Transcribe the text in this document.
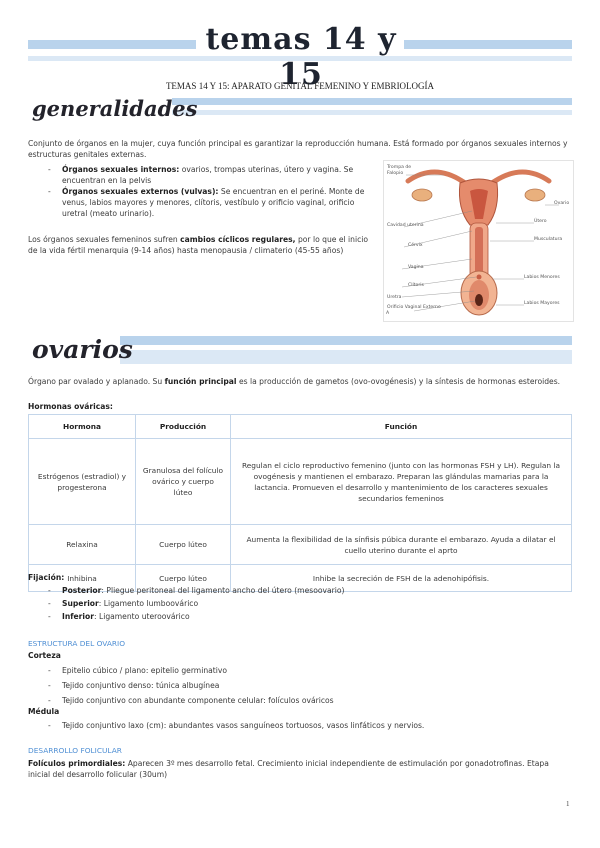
temas 14 y 15
TEMAS 14 Y 15: APARATO GENITAL FEMENINO Y EMBRIOLOGÍA
generalidades
Conjunto de órganos en la mujer, cuya función principal es garantizar la reproducción humana. Está formado por órganos sexuales internos y estructuras genitales externas.
- Órganos sexuales internos: ovarios, trompas uterinas, útero y vagina. Se encuentran en la pelvis
- Órganos sexuales externos (vulvas): Se encuentran en el periné. Monte de venus, labios mayores y menores, clítoris, vestíbulo y orificio vaginal, orificio uretral (meato urinario).
Los órganos sexuales femeninos sufren cambios cíclicos regulares, por lo que el inicio de la vida fértil menarquia (9-14 años) hasta menopausia / climaterio (45-55 años)
Trompa de Falopio
Cavidad uterina
Cérvix
Vagina
Clítoris
Uretra
Orificio Vaginal Externo
Ovario
Útero
Musculatura
Labios Menores
Labios Mayores
A
ovarios
Órgano par ovalado y aplanado. Su función principal es la producción de gametos (ovo-ovogénesis) y la síntesis de hormonas esteroides.
Hormonas ováricas:
Hormona	Producción	Función
Estrógenos (estradiol) y progesterona	Granulosa del folículo ovárico y cuerpo lúteo	Regulan el ciclo reproductivo femenino (junto con las hormonas FSH y LH). Regulan la ovogénesis y mantienen el embarazo. Preparan las glándulas mamarias para la lactancia. Promueven el desarrollo y mantenimiento de los caracteres sexuales secundarios femeninos
Relaxina	Cuerpo lúteo	Aumenta la flexibilidad de la sínfisis púbica durante el embarazo. Ayuda a dilatar el cuello uterino durante el aprto
Inhibina	Cuerpo lúteo	Inhibe la secreción de FSH de la adenohipófisis.
Fijación:
- Posterior: Pliegue peritoneal del ligamento ancho del útero (mesoovario)
- Superior: Ligamento lumboovárico
- Inferior: Ligamento uteroovárico
ESTRUCTURA DEL OVARIO
Corteza
- Epitelio cúbico / plano: epitelio germinativo
- Tejido conjuntivo denso: túnica albugínea
- Tejido conjuntivo con abundante componente celular: folículos ováricos
Médula
- Tejido conjuntivo laxo (cm): abundantes vasos sanguíneos tortuosos, vasos linfáticos y nervios.
DESARROLLO FOLICULAR
Folículos primordiales: Aparecen 3º mes desarrollo fetal. Crecimiento inicial independiente de estimulación por gonadotrofinas. Etapa inicial del desarrollo folicular (30um)
1
